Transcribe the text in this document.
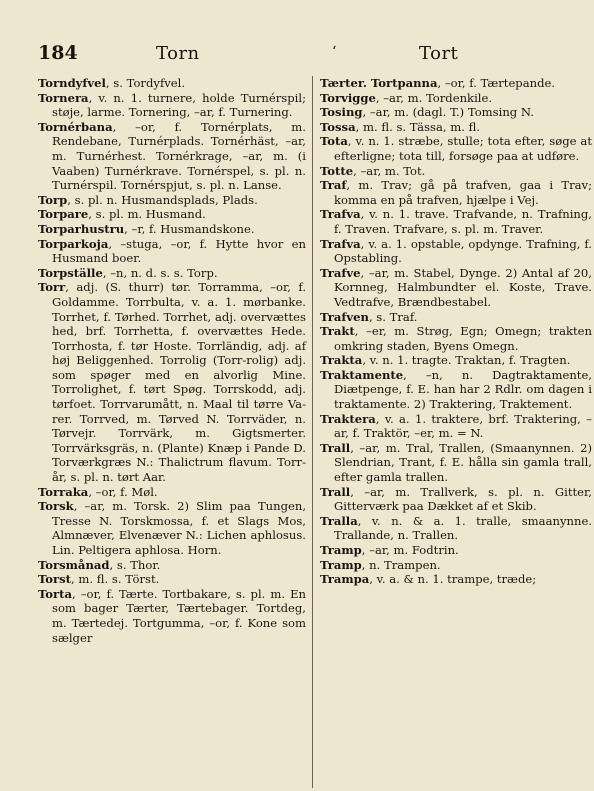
184	Torn	ʻ	Tort

Torndyfvel, s. Tordyfvel.

Tornera, v. n. 1. turnere, holde Turnérspil; støje, larme. Tornering, –ar, f. Turnering.

Tornérbana, –or, f. Tornérplats, m. Rendebane, Turnérplads. Tornérhäst, –ar, m. Turnérhest. Tornérkrage, –ar, m. (i Vaaben) Turnérkrave. Tornérspel, s. pl. n. Turnérspil. Tornérspjut, s. pl. n. Lanse.

Torp, s. pl. n. Husmandsplads, Plads.

Torpare, s. pl. m. Husmand.

Torparhustru, –r, f. Husmandskone.

Torparkoja, –stuga, –or, f. Hytte hvor en Husmand boer.

Torpställe, –n, n. d. s. s. Torp.

Torr, adj. (S. thurr) tør. Torramma, –or, f. Goldamme. Torrbulta, v. a. 1. mørbanke. Torrhet, f. Tørhed. Torrhet, adj. overvættes hed, brf. Torrhetta, f. overvættes Hede. Torrhosta, f. tør Hoste. Torrländig, adj. af høj Beliggenhed. Torrolig (Torr-rolig) adj. som spøger med en alvorlig Mine. Torrolighet, f. tørt Spøg. Torrskodd, adj. tørfoet. Torrvarumått, n. Maal til tørre Varer. Torrved, m. Tørved N. Torrväder, n. Tørvejr. Torrvärk, m. Gigtsmerter. Torrvärksgräs, n. (Plante) Knæp i Pande D. Torværkgræs N.: Thalictrum flavum. Torrår, s. pl. n. tørt Aar.

Torraka, –or, f. Møl.

Torsk, –ar, m. Torsk. 2) Slim paa Tungen, Tresse N. Torskmossa, f. et Slags Mos, Almnæver, Elvenæver N.: Lichen aphlosus. Lin. Peltigera aphlosa. Horn.

Torsmånad, s. Thor.

Torst, m. fl. s. Törst.

Torta, –or, f. Tærte. Tortbakare, s. pl. m. En som bager Tærter, Tærtebager. Tortdeg, m. Tærtedej. Tortgumma, –or, f. Kone som sælger

Tærter. Tortpanna, –or, f. Tærtepande.

Torvigge, –ar, m. Tordenkile.

Tosing, –ar, m. (dagl. T.) Tomsing N.

Tossa, m. fl. s. Tässa, m. fl.

Tota, v. n. 1. stræbe, stulle; tota efter, søge at efterligne; tota till, forsøge paa at udføre.

Totte, –ar, m. Tot.

Traf, m. Trav; gå på trafven, gaa i Trav; komma en på trafven, hjælpe i Vej.

Trafva, v. n. 1. trave. Trafvande, n. Trafning, f. Traven. Trafvare, s. pl. m. Traver.

Trafva, v. a. 1. opstable, opdynge. Trafning, f. Opstabling.

Trafve, –ar, m. Stabel, Dynge. 2) Antal af 20, Kornneg, Halmbundter el. Koste, Trave. Vedtrafve, Brændbestabel.

Trafven, s. Traf.

Trakt, –er, m. Strøg, Egn; Omegn; trakten omkring staden, Byens Omegn.

Trakta, v. n. 1. tragte. Traktan, f. Tragten.

Traktamente, –n, n. Dagtraktamente, Diætpenge, f. E. han har 2 Rdlr. om dagen i traktamente. 2) Traktering, Traktement.

Traktera, v. a. 1. traktere, brf. Traktering, –ar, f. Traktör, –er, m. = N.

Trall, –ar, m. Tral, Trallen, (Smaanynnen. 2) Slendrian, Trant, f. E. hålla sin gamla trall, efter gamla trallen.

Trall, –ar, m. Trallverk, s. pl. n. Gitter, Gitterværk paa Dækket af et Skib.

Tralla, v. n. & a. 1. tralle, smaanynne. Trallande, n. Trallen.

Tramp, –ar, m. Fodtrin.

Tramp, n. Trampen.

Trampa, v. a. & n. 1. trampe, træde;
